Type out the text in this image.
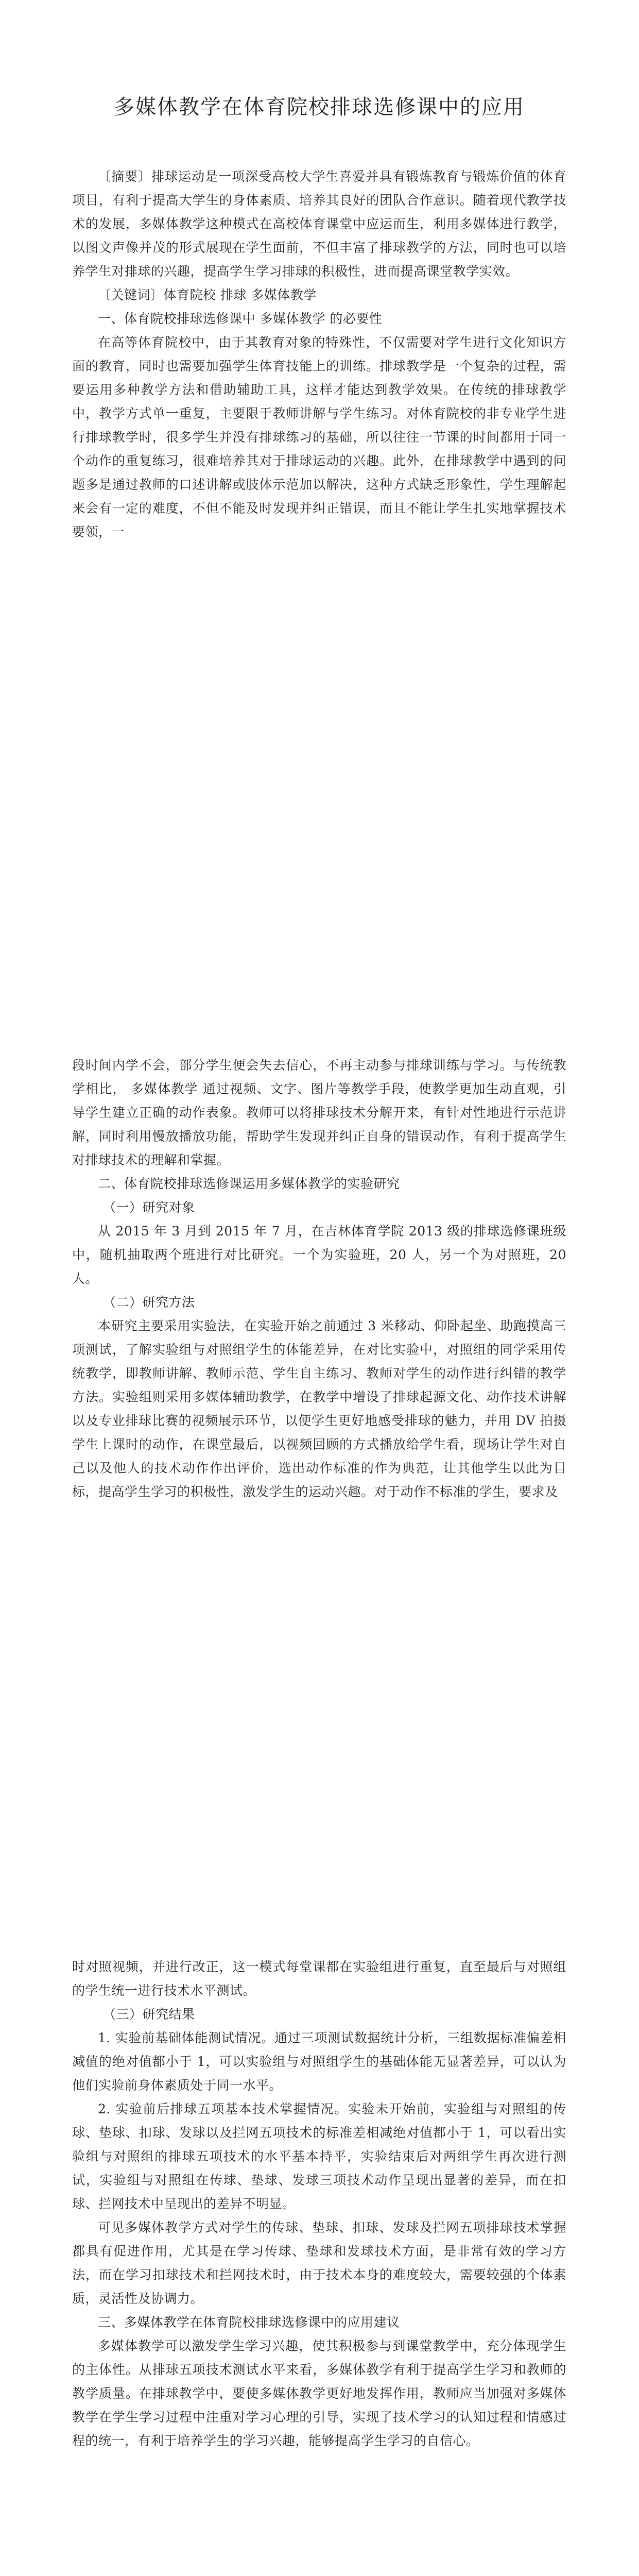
多媒体教学在体育院校排球选修课中的应用

〔摘要〕排球运动是一项深受高校大学生喜爱并具有锻炼教育与锻炼价值的体育项目，有利于提高大学生的身体素质、培养其良好的团队合作意识。随着现代教学技术的发展，多媒体教学这种模式在高校体育课堂中应运而生，利用多媒体进行教学，以图文声像并茂的形式展现在学生面前，不但丰富了排球教学的方法，同时也可以培养学生对排球的兴趣，提高学生学习排球的积极性，进而提高课堂教学实效。

〔关键词〕体育院校 排球 多媒体教学

一、体育院校排球选修课中 多媒体教学 的必要性

在高等体育院校中，由于其教育对象的特殊性，不仅需要对学生进行文化知识方面的教育，同时也需要加强学生体育技能上的训练。排球教学是一个复杂的过程，需要运用多种教学方法和借助辅助工具，这样才能达到教学效果。在传统的排球教学中，教学方式单一重复，主要限于教师讲解与学生练习。对体育院校的非专业学生进行排球教学时，很多学生并没有排球练习的基础，所以往往一节课的时间都用于同一个动作的重复练习，很难培养其对于排球运动的兴趣。此外，在排球教学中遇到的问题多是通过教师的口述讲解或肢体示范加以解决，这种方式缺乏形象性，学生理解起来会有一定的难度，不但不能及时发现并纠正错误，而且不能让学生扎实地掌握技术要领，一

段时间内学不会，部分学生便会失去信心，不再主动参与排球训练与学习。与传统教学相比， 多媒体教学 通过视频、文字、图片等教学手段，使教学更加生动直观，引导学生建立正确的动作表象。教师可以将排球技术分解开来，有针对性地进行示范讲解，同时利用慢放播放功能，帮助学生发现并纠正自身的错误动作，有利于提高学生对排球技术的理解和掌握。

二、体育院校排球选修课运用多媒体教学的实验研究

（一）研究对象

从 2015 年 3 月到 2015 年 7 月，在吉林体育学院 2013 级的排球选修课班级中，随机抽取两个班进行对比研究。一个为实验班，20 人，另一个为对照班，20 人。

（二）研究方法

本研究主要采用实验法，在实验开始之前通过 3 米移动、仰卧起坐、助跑摸高三项测试，了解实验组与对照组学生的体能差异，在对比实验中，对照组的同学采用传统教学，即教师讲解、教师示范、学生自主练习、教师对学生的动作进行纠错的教学方法。实验组则采用多媒体辅助教学，在教学中增设了排球起源文化、动作技术讲解以及专业排球比赛的视频展示环节，以便学生更好地感受排球的魅力，并用 DV 拍摄学生上课时的动作，在课堂最后，以视频回顾的方式播放给学生看，现场让学生对自己以及他人的技术动作作出评价，选出动作标准的作为典范，让其他学生以此为目标，提高学生学习的积极性，激发学生的运动兴趣。对于动作不标准的学生，要求及

时对照视频，并进行改正，这一模式每堂课都在实验组进行重复，直至最后与对照组的学生统一进行技术水平测试。

（三）研究结果

1. 实验前基础体能测试情况。通过三项测试数据统计分析，三组数据标准偏差相减值的绝对值都小于 1，可以实验组与对照组学生的基础体能无显著差异，可以认为他们实验前身体素质处于同一水平。

2. 实验前后排球五项基本技术掌握情况。实验未开始前，实验组与对照组的传球、垫球、扣球、发球以及拦网五项技术的标准差相减绝对值都小于 1，可以看出实验组与对照组的排球五项技术的水平基本持平，实验结束后对两组学生再次进行测试，实验组与对照组在传球、垫球、发球三项技术动作呈现出显著的差异，而在扣球、拦网技术中呈现出的差异不明显。

可见多媒体教学方式对学生的传球、垫球、扣球、发球及拦网五项排球技术掌握都具有促进作用，尤其是在学习传球、垫球和发球技术方面，是非常有效的学习方法，而在学习扣球技术和拦网技术时，由于技术本身的难度较大，需要较强的个体素质，灵活性及协调力。

三、多媒体教学在体育院校排球选修课中的应用建议

多媒体教学可以激发学生学习兴趣，使其积极参与到课堂教学中，充分体现学生的主体性。从排球五项技术测试水平来看，多媒体教学有利于提高学生学习和教师的教学质量。在排球教学中，要使多媒体教学更好地发挥作用，教师应当加强对多媒体教学在学生学习过程中注重对学习心理的引导，实现了技术学习的认知过程和情感过程的统一，有利于培养学生的学习兴趣，能够提高学生学习的自信心。
